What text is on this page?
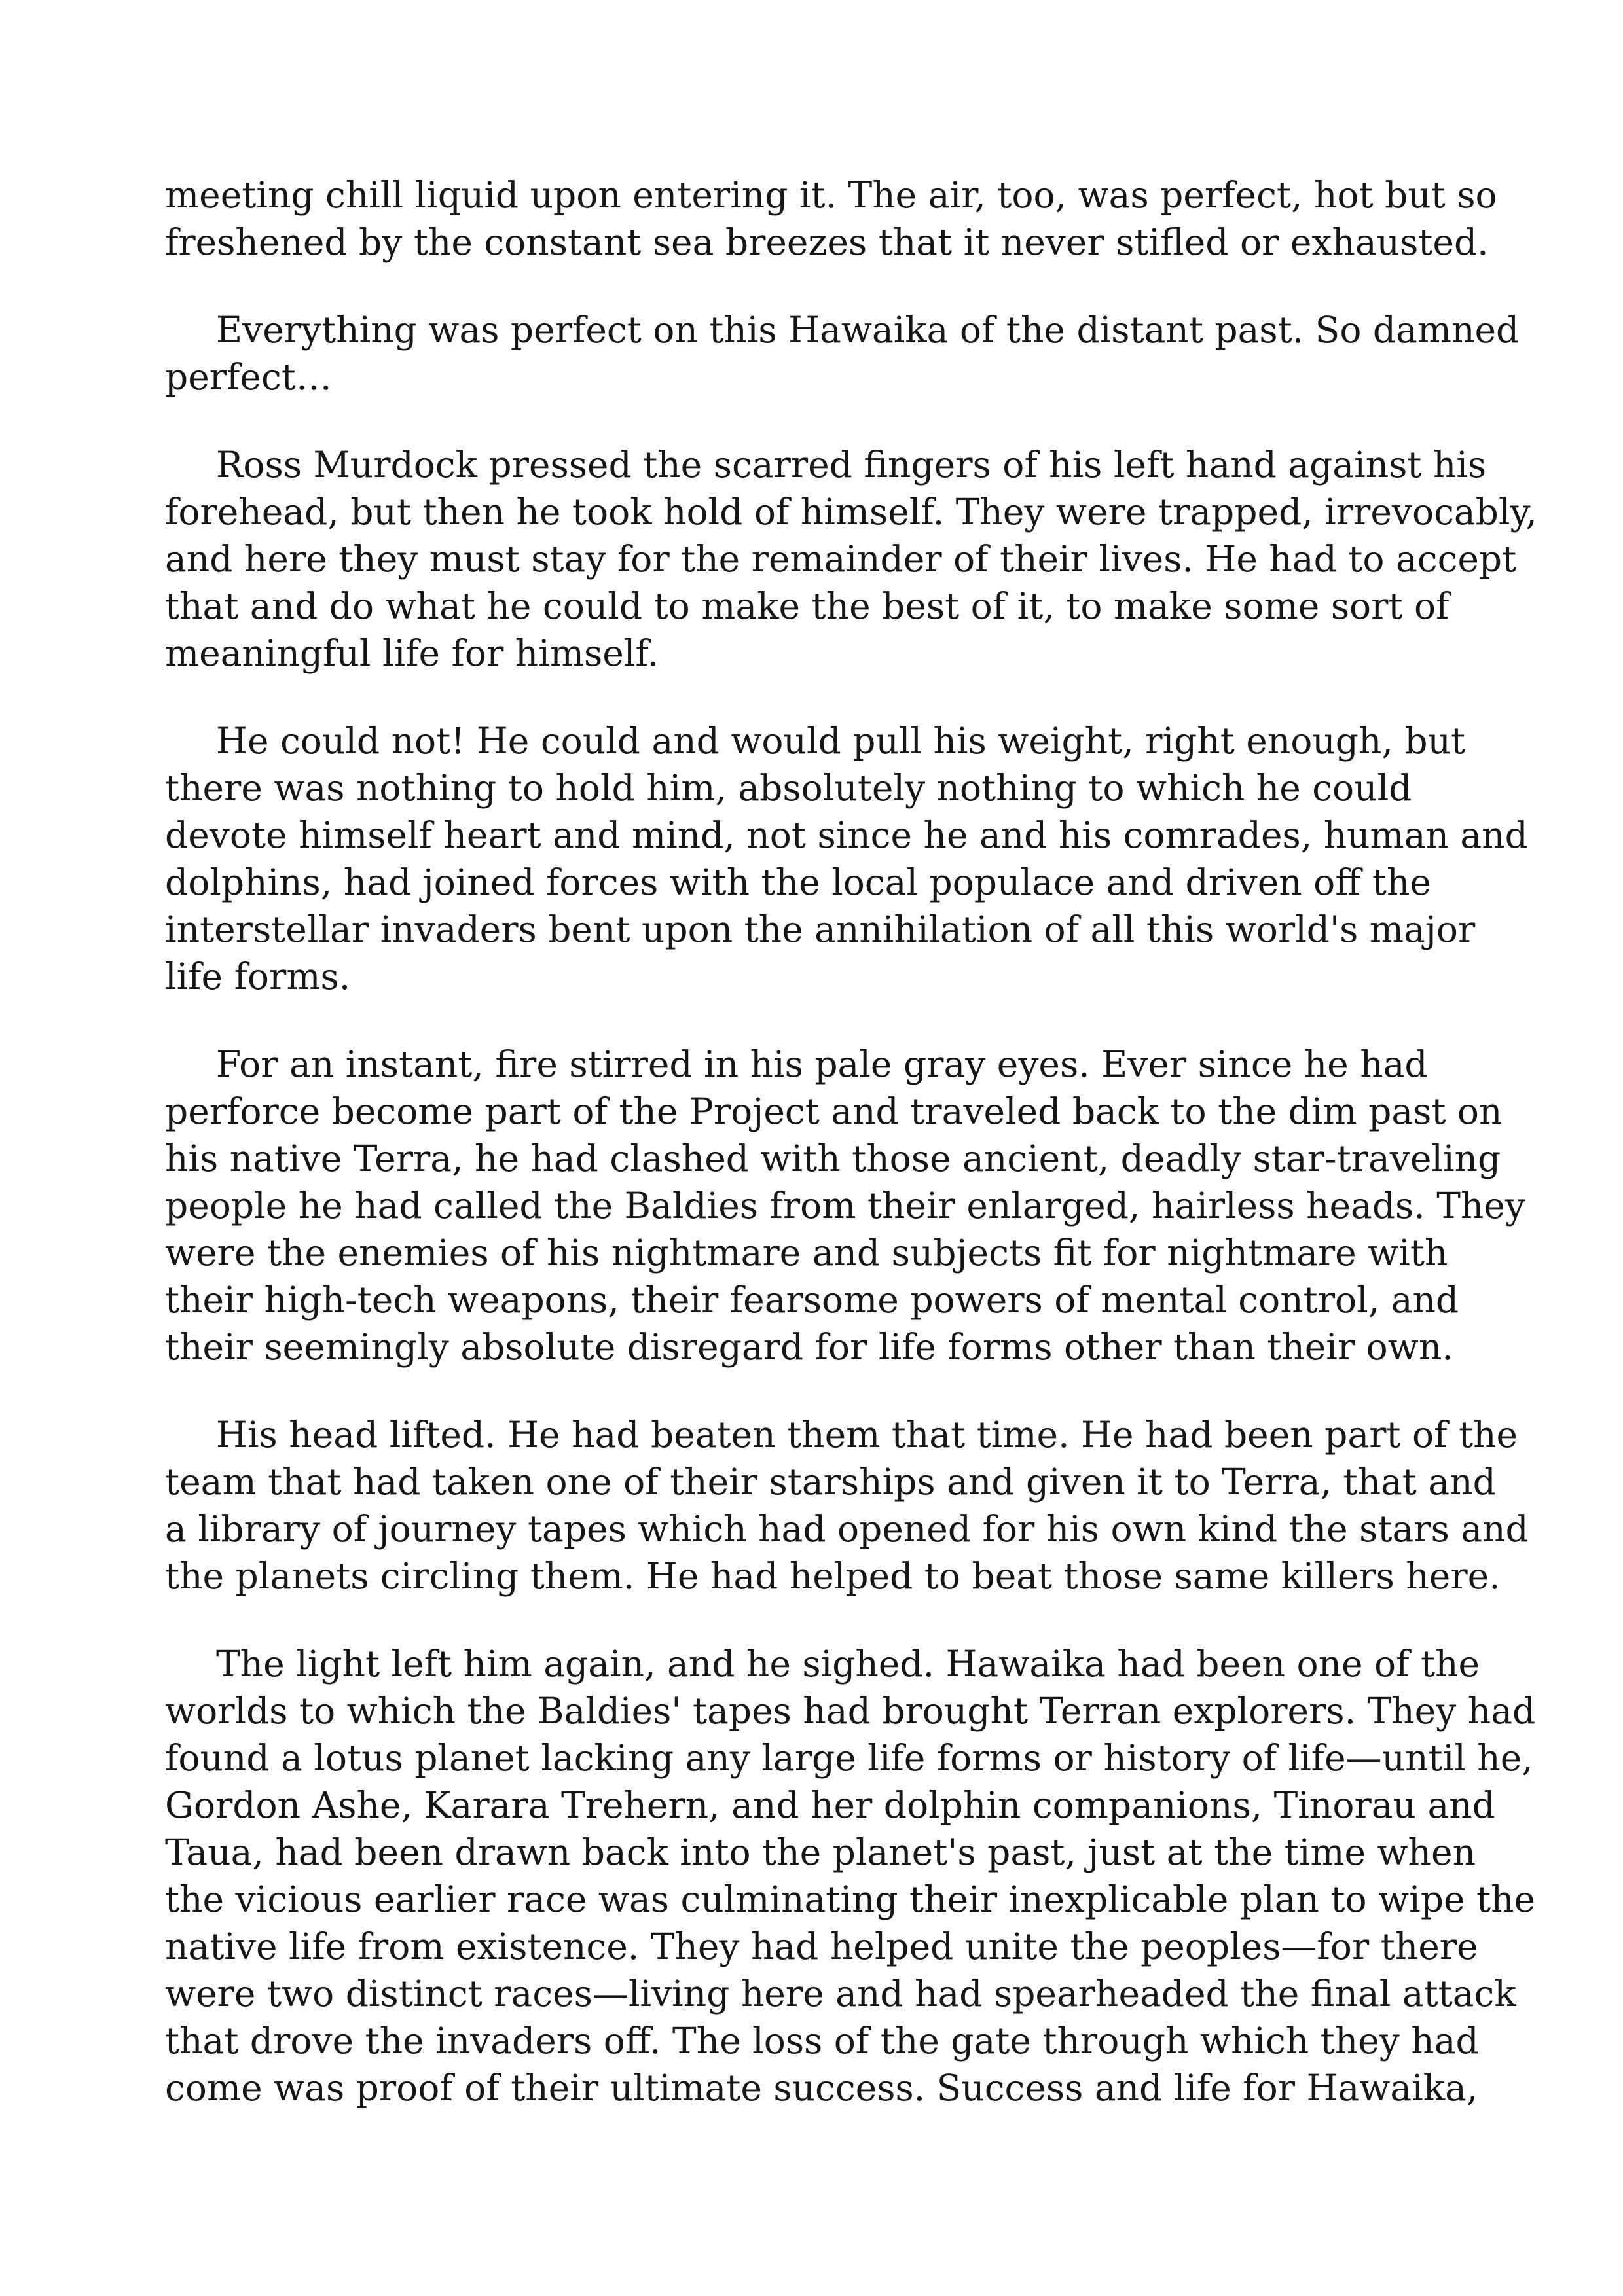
meeting chill liquid upon entering it. The air, too, was perfect, hot but so
freshened by the constant sea breezes that it never stifled or exhausted.
Everything was perfect on this Hawaika of the distant past. So damned
perfect…
Ross Murdock pressed the scarred fingers of his left hand against his
forehead, but then he took hold of himself. They were trapped, irrevocably,
and here they must stay for the remainder of their lives. He had to accept
that and do what he could to make the best of it, to make some sort of
meaningful life for himself.
He could not! He could and would pull his weight, right enough, but
there was nothing to hold him, absolutely nothing to which he could
devote himself heart and mind, not since he and his comrades, human and
dolphins, had joined forces with the local populace and driven off the
interstellar invaders bent upon the annihilation of all this world's major
life forms.
For an instant, fire stirred in his pale gray eyes. Ever since he had
perforce become part of the Project and traveled back to the dim past on
his native Terra, he had clashed with those ancient, deadly star-traveling
people he had called the Baldies from their enlarged, hairless heads. They
were the enemies of his nightmare and subjects fit for nightmare with
their high-tech weapons, their fearsome powers of mental control, and
their seemingly absolute disregard for life forms other than their own.
His head lifted. He had beaten them that time. He had been part of the
team that had taken one of their starships and given it to Terra, that and
a library of journey tapes which had opened for his own kind the stars and
the planets circling them. He had helped to beat those same killers here.
The light left him again, and he sighed. Hawaika had been one of the
worlds to which the Baldies' tapes had brought Terran explorers. They had
found a lotus planet lacking any large life forms or history of life—until he,
Gordon Ashe, Karara Trehern, and her dolphin companions, Tinorau and
Taua, had been drawn back into the planet's past, just at the time when
the vicious earlier race was culminating their inexplicable plan to wipe the
native life from existence. They had helped unite the peoples—for there
were two distinct races—living here and had spearheaded the final attack
that drove the invaders off. The loss of the gate through which they had
come was proof of their ultimate success. Success and life for Hawaika,
